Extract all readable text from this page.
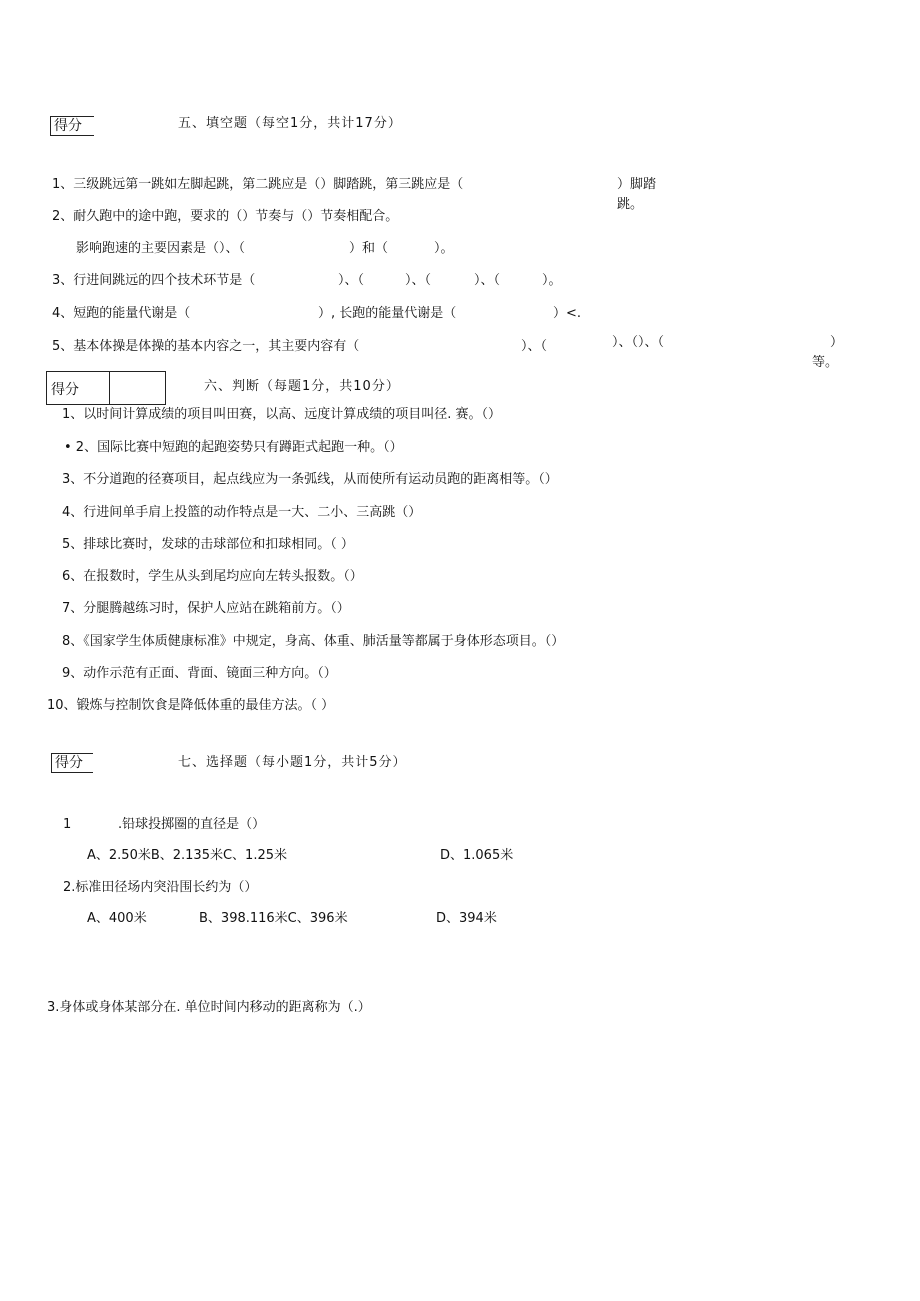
得分	五、填空题（每空1分，共计17分）
1、三级跳远第一跳如左脚起跳，第二跳应是（）脚踏跳，第三跳应是（	）脚踏
跳。
2、耐久跑中的途中跑，要求的（）节奏与（）节奏相配合。
影响跑速的主要因素是（）、（	）和（	）。
3、行进间跳远的四个技术环节是（	）、（	）、（	）、（	）。
4、短跑的能量代谢是（	）, 长跑的能量代谢是（	）<.
5、基本体操是体操的基本内容之一，其主要内容有（	）、（	）、（）、（	）
等。
得分	六、判断（每题1分，共10分）
1、以时间计算成绩的项目叫田赛，以高、远度计算成绩的项目叫径. 赛。（）
• 2、国际比赛中短跑的起跑姿势只有蹲距式起跑一种。（）
3、不分道跑的径赛项目，起点线应为一条弧线，从而使所有运动员跑的距离相等。（）
4、行进间单手肩上投篮的动作特点是一大、二小、三高跳（）
5、排球比赛时，发球的击球部位和扣球相同。（ ）
6、在报数时，学生从头到尾均应向左转头报数。（）
7、分腿腾越练习时，保护人应站在跳箱前方。（）
8、《国家学生体质健康标准》中规定，身高、体重、肺活量等都属于身体形态项目。（）
9、动作示范有正面、背面、镜面三种方向。（）
10、锻炼与控制饮食是降低体重的最佳方法。（ ）
得分	七、选择题（每小题1分，共计5分）
1	.铅球投掷圈的直径是（）
A、2.50米B、2.135米C、1.25米	D、1.065米
2.标准田径场内突沿围长约为（）
A、400米	B、398.116米C、396米	D、394米
3.身体或身体某部分在. 单位时间内移动的距离称为（.）
